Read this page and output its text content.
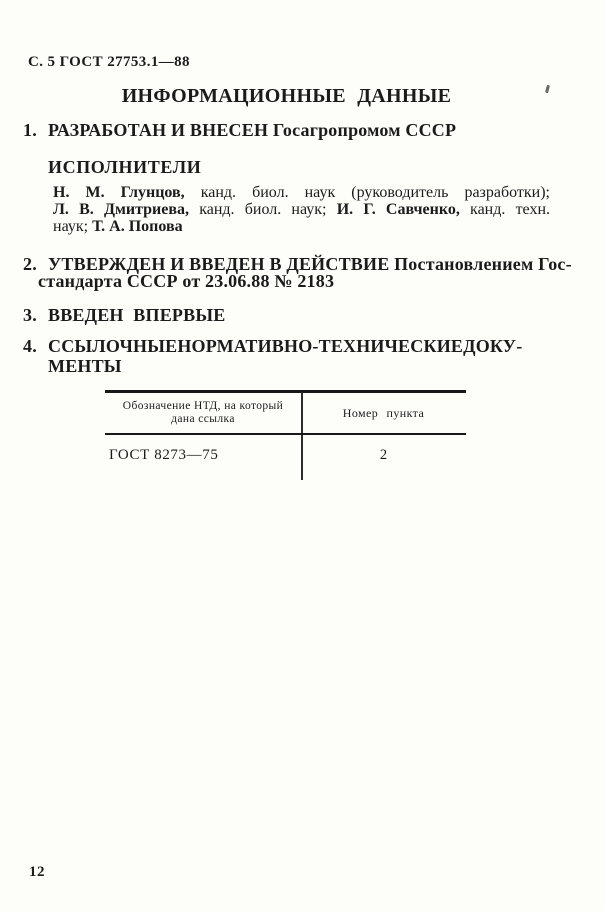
С. 5 ГОСТ 27753.1—88
ИНФОРМАЦИОННЫЕ ДАННЫЕ
1. РАЗРАБОТАН И ВНЕСЕН Госагропромом СССР
ИСПОЛНИТЕЛИ
Н. М. Глунцов, канд. биол. наук (руководитель разработки);
Л. В. Дмитриева, канд. биол. наук; И. Г. Савченко, канд. техн.
наук; Т. А. Попова
2. УТВЕРЖДЕН И ВВЕДЕН В ДЕЙСТВИЕ Постановлением Гос-
стандарта СССР от 23.06.88 № 2183
3. ВВЕДЕН ВПЕРВЫЕ
4. ССЫЛОЧНЫЕ НОРМАТИВНО-ТЕХНИЧЕСКИЕ ДОКУ-
МЕНТЫ
Обозначение НТД, на который
дана ссылка	Номер пункта
ГОСТ 8273—75	2
12
